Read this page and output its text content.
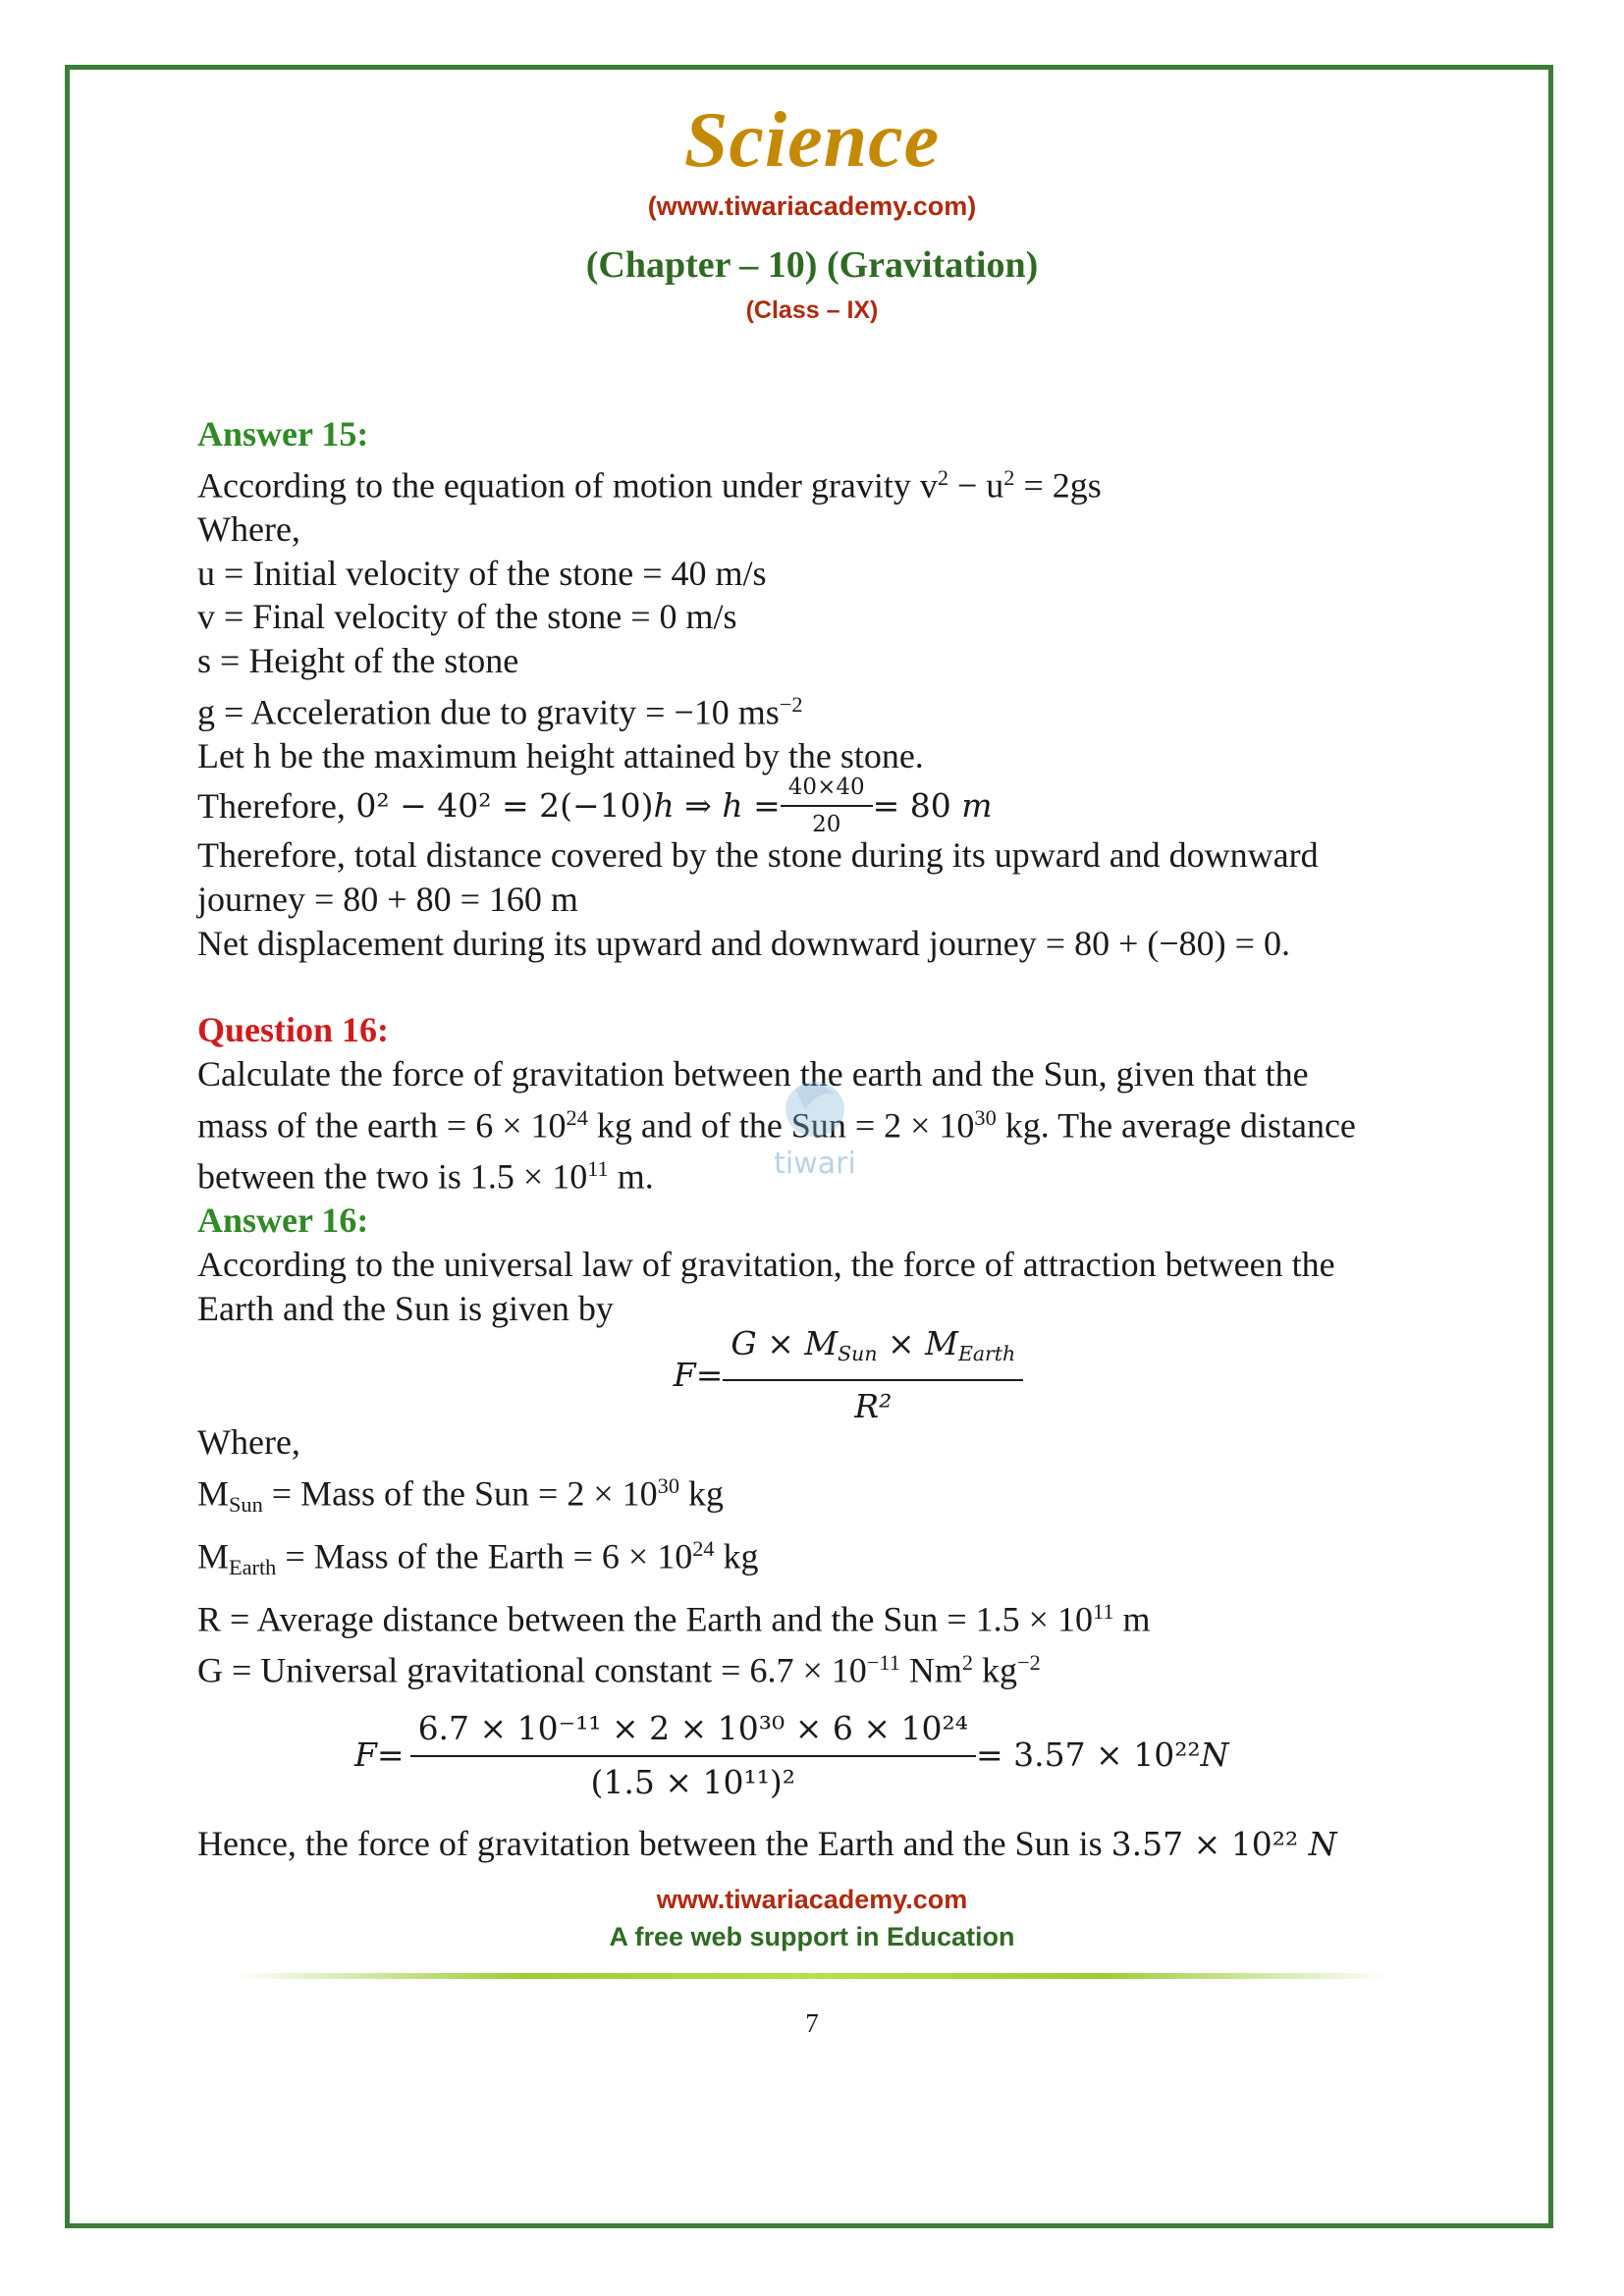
Science
(www.tiwariacademy.com)
(Chapter – 10) (Gravitation)
(Class – IX)
Answer 15:
According to the equation of motion under gravity $v^2 - u^2 = 2gs$
Where,
u = Initial velocity of the stone = 40 m/s
v = Final velocity of the stone = 0 m/s
s = Height of the stone
g = Acceleration due to gravity = −10 $ms^{-2}$
Let h be the maximum height attained by the stone.
Therefore, 0² − 40² = 2(−10)h ⇒ $h = \frac{40\times 40}{20} = 80$ m
Therefore, total distance covered by the stone during its upward and downward
journey = 80 + 80 = 160 m
Net displacement during its upward and downward journey = 80 + (−80) = 0.
Question 16:
Calculate the force of gravitation between the earth and the Sun, given that the
mass of the earth = $6 \times 10^{24}$ kg and of the Sun = $2 \times 10^{30}$ kg. The average distance
between the two is $1.5 \times 10^{11}$ m.
Answer 16:
According to the universal law of gravitation, the force of attraction between the
Earth and the Sun is given by
$F = \frac{G \times M_{Sun} \times M_{Earth}}{\text{R²}}$
Where,
$M_{Sun}$ = Mass of the Sun = $2 \times 10^{30}$ kg
$M_{Earth}$ = Mass of the Earth = $6 \times 10^{24}$ kg
R = Average distance between the Earth and the Sun = $1.5 \times 10^{11}$ m
G = Universal gravitational constant = $6.7 \times 10^{-11}$ Nm$^2$ $kg^{-2}$
$F = \frac{\text{6.7 × 10⁻¹¹ × 2 × 10³⁰ × 6 × 10²⁴}}{\text{(1.5 × 10¹¹)²}} = 3.57 \times 10^{22}$ N
Hence, the force of gravitation between the Earth and the Sun is 3.57 × 10²² N
tiwari
www.tiwariacademy.com
A free web support in Education
7
